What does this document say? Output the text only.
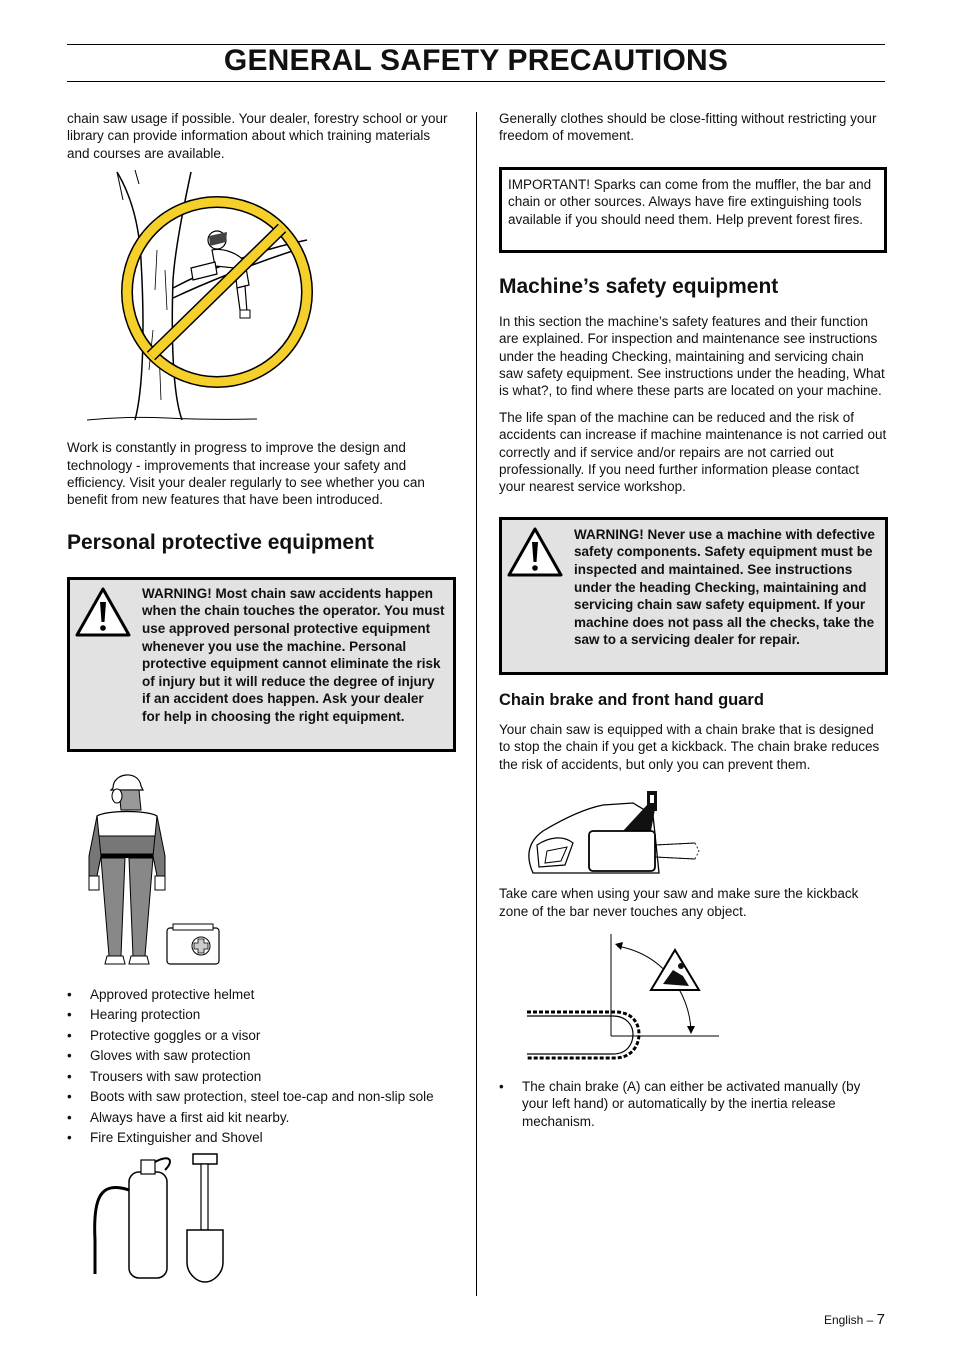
GENERAL SAFETY PRECAUTIONS

chain saw usage if possible. Your dealer, forestry school or your library can provide information about which training materials and courses are available.

Work is constantly in progress to improve the design and technology - improvements that increase your safety and efficiency. Visit your dealer regularly to see whether you can benefit from new features that have been introduced.

Personal protective equipment
WARNING! Most chain saw accidents happen when the chain touches the operator. You must use approved personal protective equipment whenever you use the machine. Personal protective equipment cannot eliminate the risk of injury but it will reduce the degree of injury if an accident does happen. Ask your dealer for help in choosing the right equipment.
• Approved protective helmet
• Hearing protection
• Protective goggles or a visor
• Gloves with saw protection
• Trousers with saw protection
• Boots with saw protection, steel toe-cap and non-slip sole
• Always have a first aid kit nearby.
• Fire Extinguisher and Shovel

Generally clothes should be close-fitting without restricting your freedom of movement.

IMPORTANT! Sparks can come from the muffler, the bar and chain or other sources. Always have fire extinguishing tools available if you should need them. Help prevent forest fires.

Machine’s safety equipment

In this section the machine’s safety features and their function are explained. For inspection and maintenance see instructions under the heading Checking, maintaining and servicing chain saw safety equipment. See instructions under the heading, What is what?, to find where these parts are located on your machine.

The life span of the machine can be reduced and the risk of accidents can increase if machine maintenance is not carried out correctly and if service and/or repairs are not carried out professionally. If you need further information please contact your nearest service workshop.

WARNING! Never use a machine with defective safety components. Safety equipment must be inspected and maintained. See instructions under the heading Checking, maintaining and servicing chain saw safety equipment. If your machine does not pass all the checks, take the saw to a servicing dealer for repair.
Chain brake and front hand guard

Your chain saw is equipped with a chain brake that is designed to stop the chain if you get a kickback. The chain brake reduces the risk of accidents, but only you can prevent them.

Take care when using your saw and make sure the kickback zone of the bar never touches any object.

• The chain brake (A) can either be activated manually (by your left hand) or automatically by the inertia release mechanism.
English – 7
